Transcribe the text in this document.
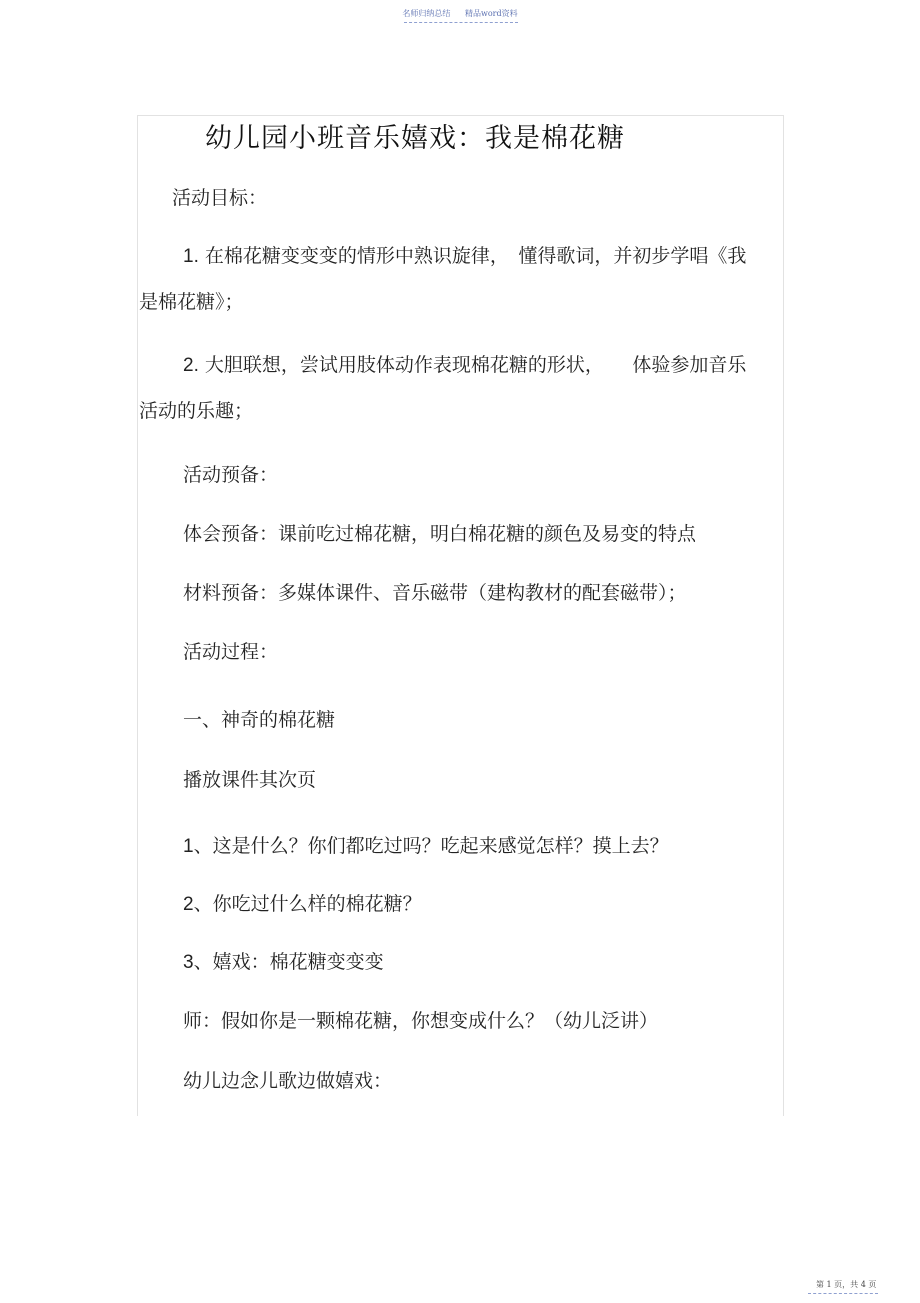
名师归纳总结 精品word资料
幼儿园小班音乐嬉戏：我是棉花糖
活动目标：
1. 在棉花糖变变变的情形中熟识旋律，　懂得歌词，并初步学唱《我
是棉花糖》；
2. 大胆联想，尝试用肢体动作表现棉花糖的形状，　　体验参加音乐
活动的乐趣；
活动预备：
体会预备：课前吃过棉花糖，明白棉花糖的颜色及易变的特点
材料预备：多媒体课件、音乐磁带（建构教材的配套磁带）；
活动过程：
一、神奇的棉花糖
播放课件其次页
1、这是什么？你们都吃过吗？吃起来感觉怎样？摸上去？
2、你吃过什么样的棉花糖？
3、嬉戏：棉花糖变变变
师：假如你是一颗棉花糖，你想变成什么？（幼儿泛讲）
幼儿边念儿歌边做嬉戏：
第 1 页，共 4 页
